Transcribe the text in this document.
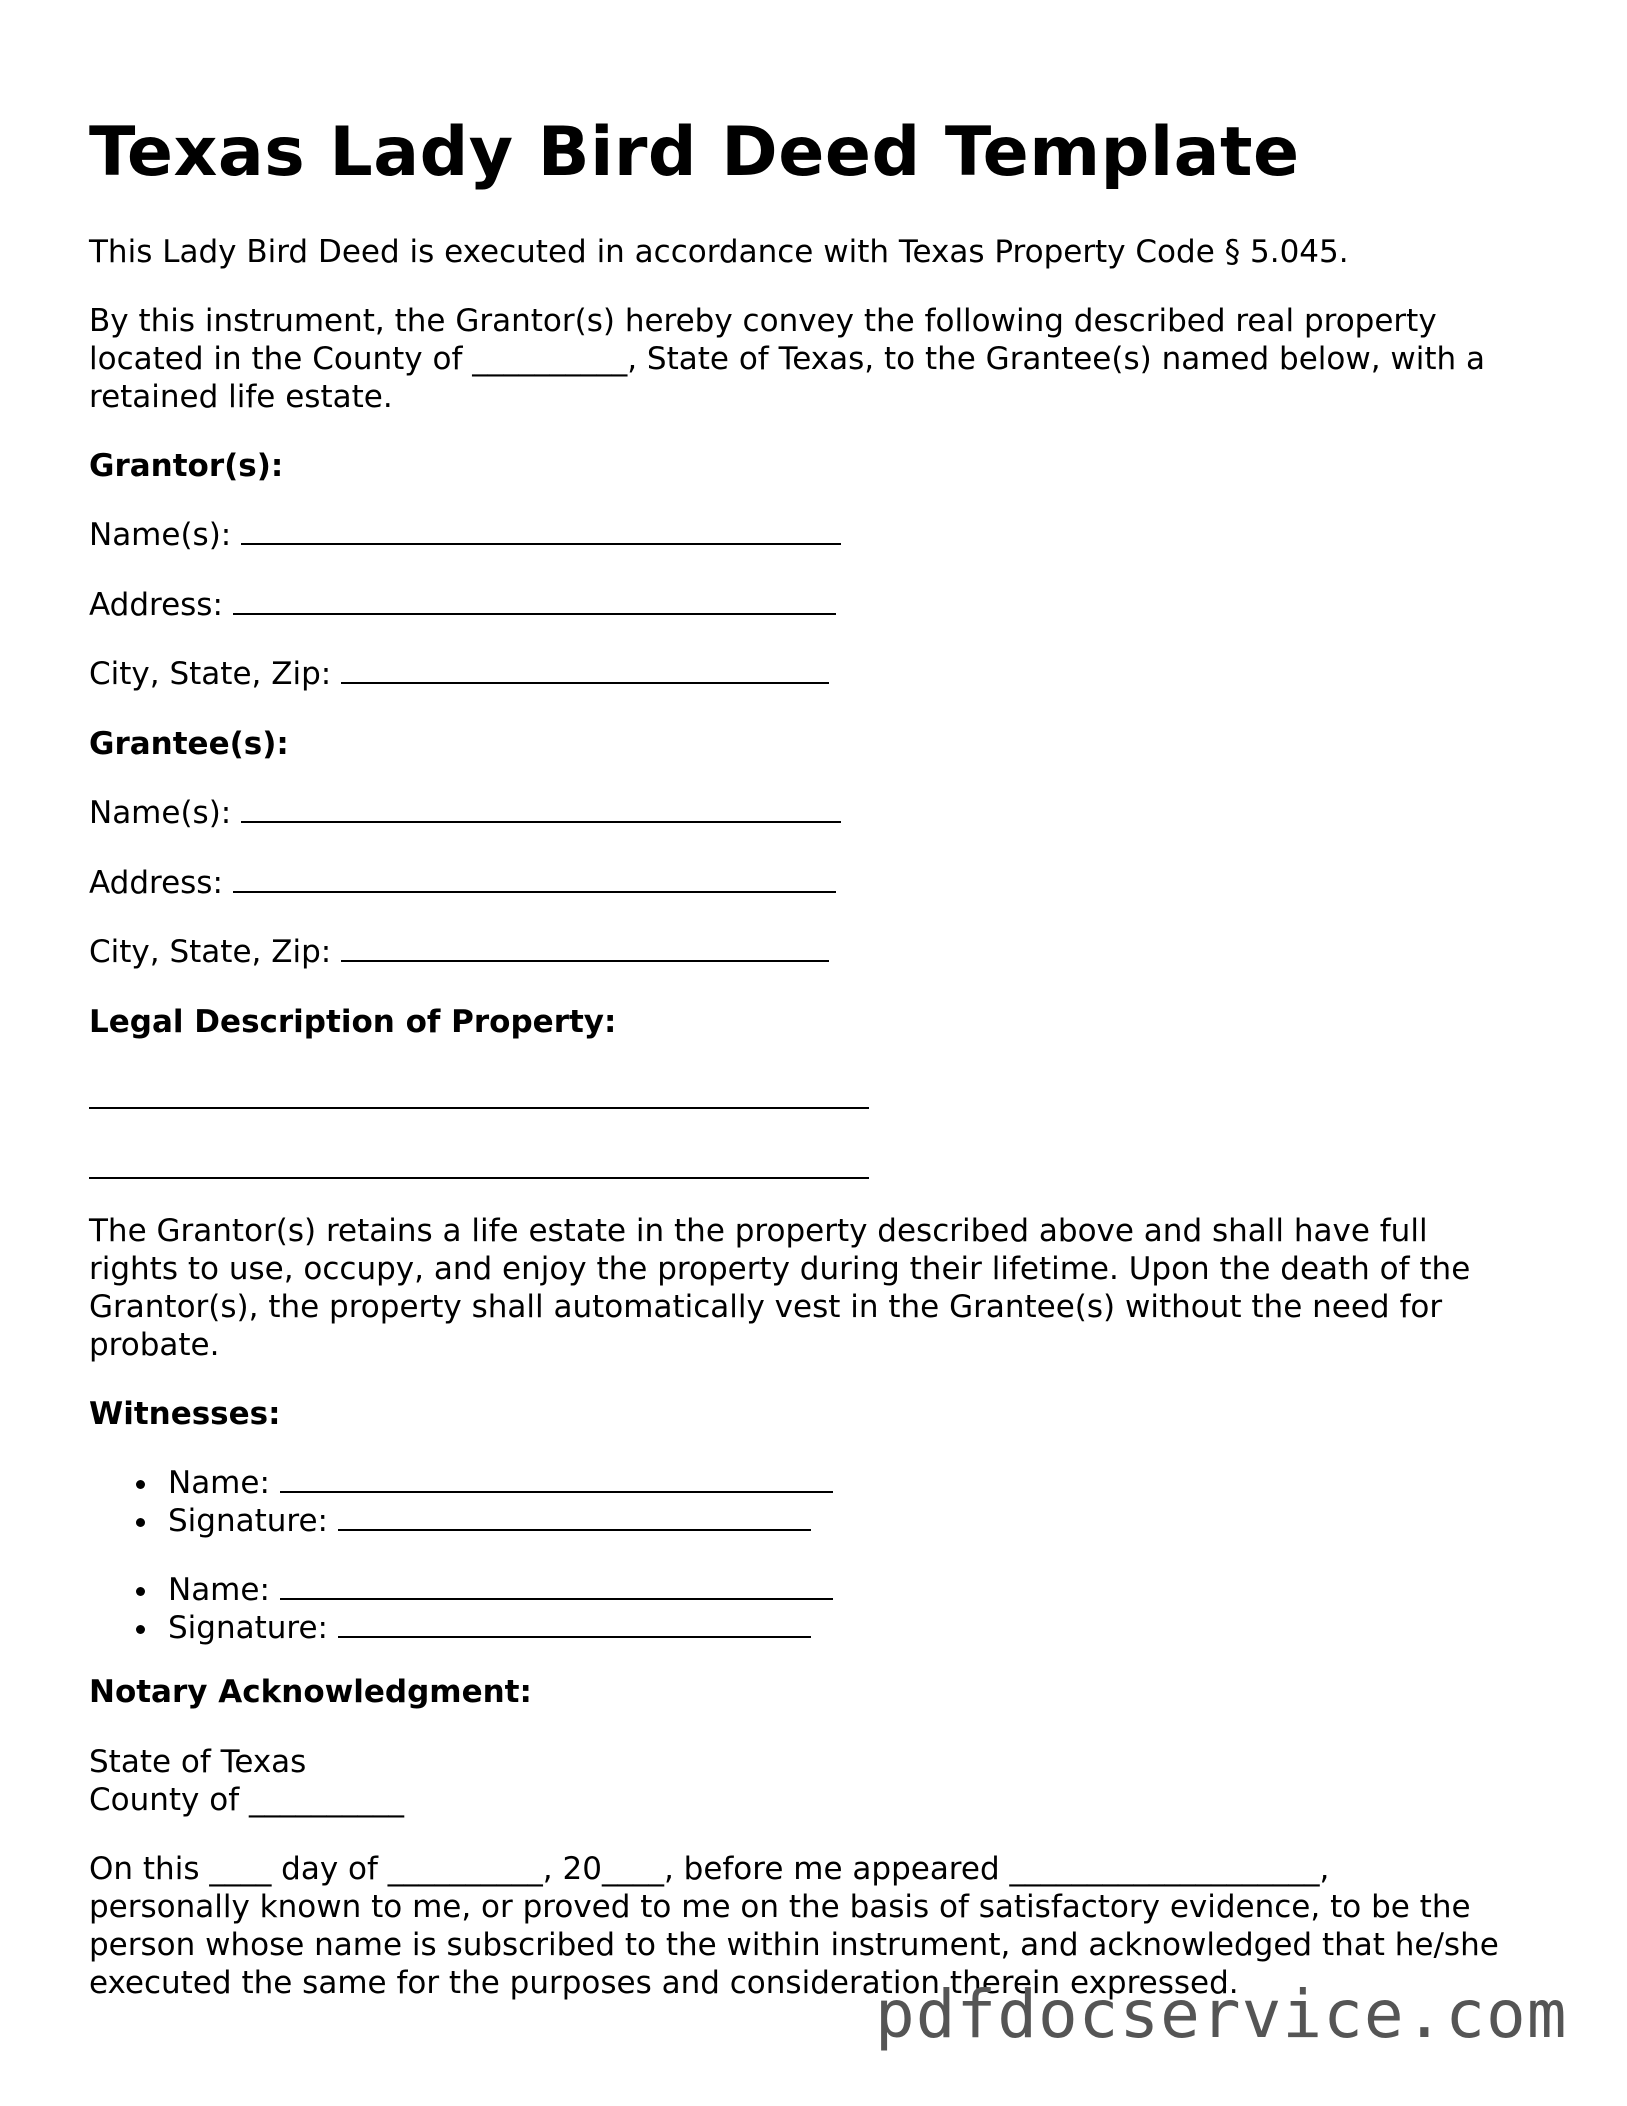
Texas Lady Bird Deed Template

This Lady Bird Deed is executed in accordance with Texas Property Code § 5.045.

By this instrument, the Grantor(s) hereby convey the following described real property

located in the County of __________, State of Texas, to the Grantee(s) named below, with a

retained life estate.

Grantor(s):

Name(s):

Address:

City, State, Zip:

Grantee(s):

Name(s):

Address:

City, State, Zip:

Legal Description of Property:

The Grantor(s) retains a life estate in the property described above and shall have full

rights to use, occupy, and enjoy the property during their lifetime. Upon the death of the

Grantor(s), the property shall automatically vest in the Grantee(s) without the need for

probate.

Witnesses:

Name:
Signature:
Name:
Signature:

Notary Acknowledgment:

State of Texas

County of __________

On this ____ day of __________, 20____, before me appeared ____________________,

personally known to me, or proved to me on the basis of satisfactory evidence, to be the

person whose name is subscribed to the within instrument, and acknowledged that he/she

executed the same for the purposes and consideration therein expressed.

pdfdocservice.com
